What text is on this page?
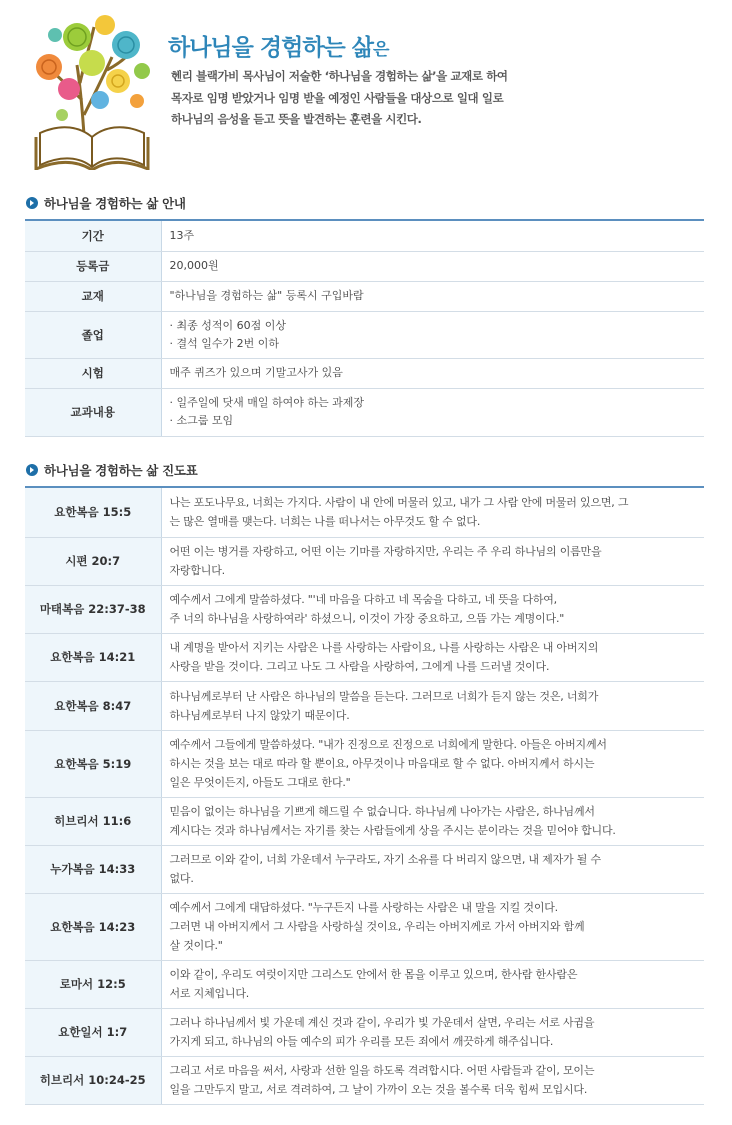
하나님을 경험하는 삶은

헨리 블랙가비 목사님이 저술한 ‘하나님을 경험하는 삶’을 교재로 하여

목자로 임명 받았거나 임명 받을 예정인 사람들을 대상으로 일대 일로

하나님의 음성을 듣고 뜻을 발견하는 훈련을 시킨다.

하나님을 경험하는 삶 안내
기간	13주

등록금	20,000원

교재	"하나님을 경험하는 삶" 등록시 구입바람

졸업	· 최종 성적이 60점 이상
· 결석 일수가 2번 이하

시험	매주 퀴즈가 있으며 기말고사가 있음

교과내용	· 일주일에 닷새 매일 하여야 하는 과제장
· 소그룹 모임
하나님을 경험하는 삶 진도표
요한복음 15:5	나는 포도나무요, 너희는 가지다. 사람이 내 안에 머물러 있고, 내가 그 사람 안에 머물러 있으면, 그
는 많은 열매를 맺는다. 너희는 나를 떠나서는 아무것도 할 수 없다.

시편 20:7	어떤 이는 병거를 자랑하고, 어떤 이는 기마를 자랑하지만, 우리는 주 우리 하나님의 이름만을
자랑합니다.

마태복음 22:37-38	예수께서 그에게 말씀하셨다. "'네 마음을 다하고 네 목숨을 다하고, 네 뜻을 다하여,
주 너의 하나님을 사랑하여라' 하셨으니, 이것이 가장 중요하고, 으뜸 가는 계명이다."

요한복음 14:21	내 계명을 받아서 지키는 사람은 나를 사랑하는 사람이요, 나를 사랑하는 사람은 내 아버지의
사랑을 받을 것이다. 그리고 나도 그 사람을 사랑하여, 그에게 나를 드러낼 것이다.

요한복음 8:47	하나님께로부터 난 사람은 하나님의 말씀을 듣는다. 그러므로 너희가 듣지 않는 것은, 너희가
하나님께로부터 나지 않았기 때문이다.

요한복음 5:19	예수께서 그들에게 말씀하셨다. "내가 진정으로 진정으로 너희에게 말한다. 아들은 아버지께서
하시는 것을 보는 대로 따라 할 뿐이요, 아무것이나 마음대로 할 수 없다. 아버지께서 하시는
일은 무엇이든지, 아들도 그대로 한다."

히브리서 11:6	믿음이 없이는 하나님을 기쁘게 해드릴 수 없습니다. 하나님께 나아가는 사람은, 하나님께서
계시다는 것과 하나님께서는 자기를 찾는 사람들에게 상을 주시는 분이라는 것을 믿어야 합니다.

누가복음 14:33	그러므로 이와 같이, 너희 가운데서 누구라도, 자기 소유를 다 버리지 않으면, 내 제자가 될 수
없다.

요한복음 14:23	예수께서 그에게 대답하셨다. "누구든지 나를 사랑하는 사람은 내 말을 지킬 것이다.
그러면 내 아버지께서 그 사람을 사랑하실 것이요, 우리는 아버지께로 가서 아버지와 함께
살 것이다."

로마서 12:5	이와 같이, 우리도 여럿이지만 그리스도 안에서 한 몸을 이루고 있으며, 한사람 한사람은
서로 지체입니다.

요한일서 1:7	그러나 하나님께서 빛 가운데 계신 것과 같이, 우리가 빛 가운데서 살면, 우리는 서로 사귐을
가지게 되고, 하나님의 아들 예수의 피가 우리를 모든 죄에서 깨끗하게 해주십니다.

히브리서 10:24-25	그리고 서로 마음을 써서, 사랑과 선한 일을 하도록 격려합시다. 어떤 사람들과 같이, 모이는
일을 그만두지 말고, 서로 격려하여, 그 날이 가까이 오는 것을 볼수록 더욱 힘써 모입시다.
